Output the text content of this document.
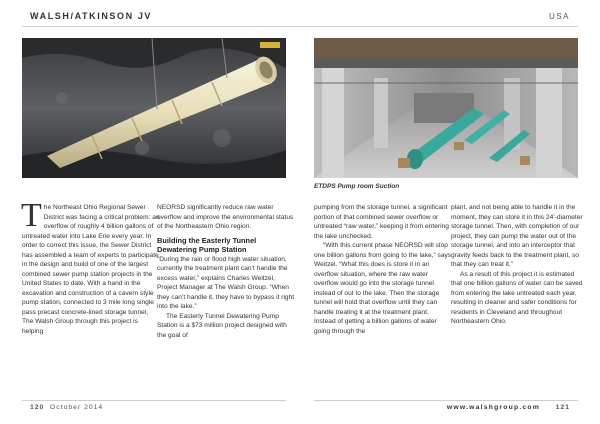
WALSH/ATKINSON JV	USA
ETDPS Pump room Suction

The Northeast Ohio Regional Sewer District was facing a critical problem: an overflow of roughly 4 billion gallons of untreated water into Lake Erie every year. In order to correct this issue, the Sewer District has assembled a team of experts to participate in the design and build of one of the largest combined sewer pump station projects in the United States to date. With a hand in the excavation and construction of a cavern style pump station, connected to 3 mile long single pass precast concrete-lined storage tunnel, The Walsh Group through this project is helping

NEORSD significantly reduce raw water overflow and improve the environmental status of the Northeastern Ohio region.

Building the Easterly Tunnel Dewatering Pump Station

“During the rain or flood high water situation, currently the treatment plant can’t handle the excess water,” explains Charles Weitzel, Project Manager at The Walsh Group. “When they can’t handle it, they have to bypass it right into the lake.”

The Easterly Tunnel Dewatering Pump Station is a $73 million project designed with the goal of

pumping from the storage tunnel, a significant portion of that combined sewer overflow or untreated “raw water,” keeping it from entering the lake unchecked.

“With this current phase NEORSD will stop one billion gallons from going to the lake,” says Weitzel. “What this does is store it in an overflow situation, where the raw water overflow would go into the storage tunnel instead of out to the lake. Then the storage tunnel will hold that overflow until they can handle treating it at the treatment plant. Instead of getting a billion gallons of water going through the

plant, and not being able to handle it in the moment, they can store it in this 24’-diameter storage tunnel. Then, with completion of our project, they can pump the water out of the storage tunnel, and into an interceptor that gravity feeds back to the treatment plant, so that they can treat it.”

As a result of this project it is estimated that one billion gallons of water can be saved from entering the lake untreated each year, resulting in cleaner and safer conditions for residents in Cleveland and throughout Northeastern Ohio.

120 October 2014	www.walshgroup.com 121
